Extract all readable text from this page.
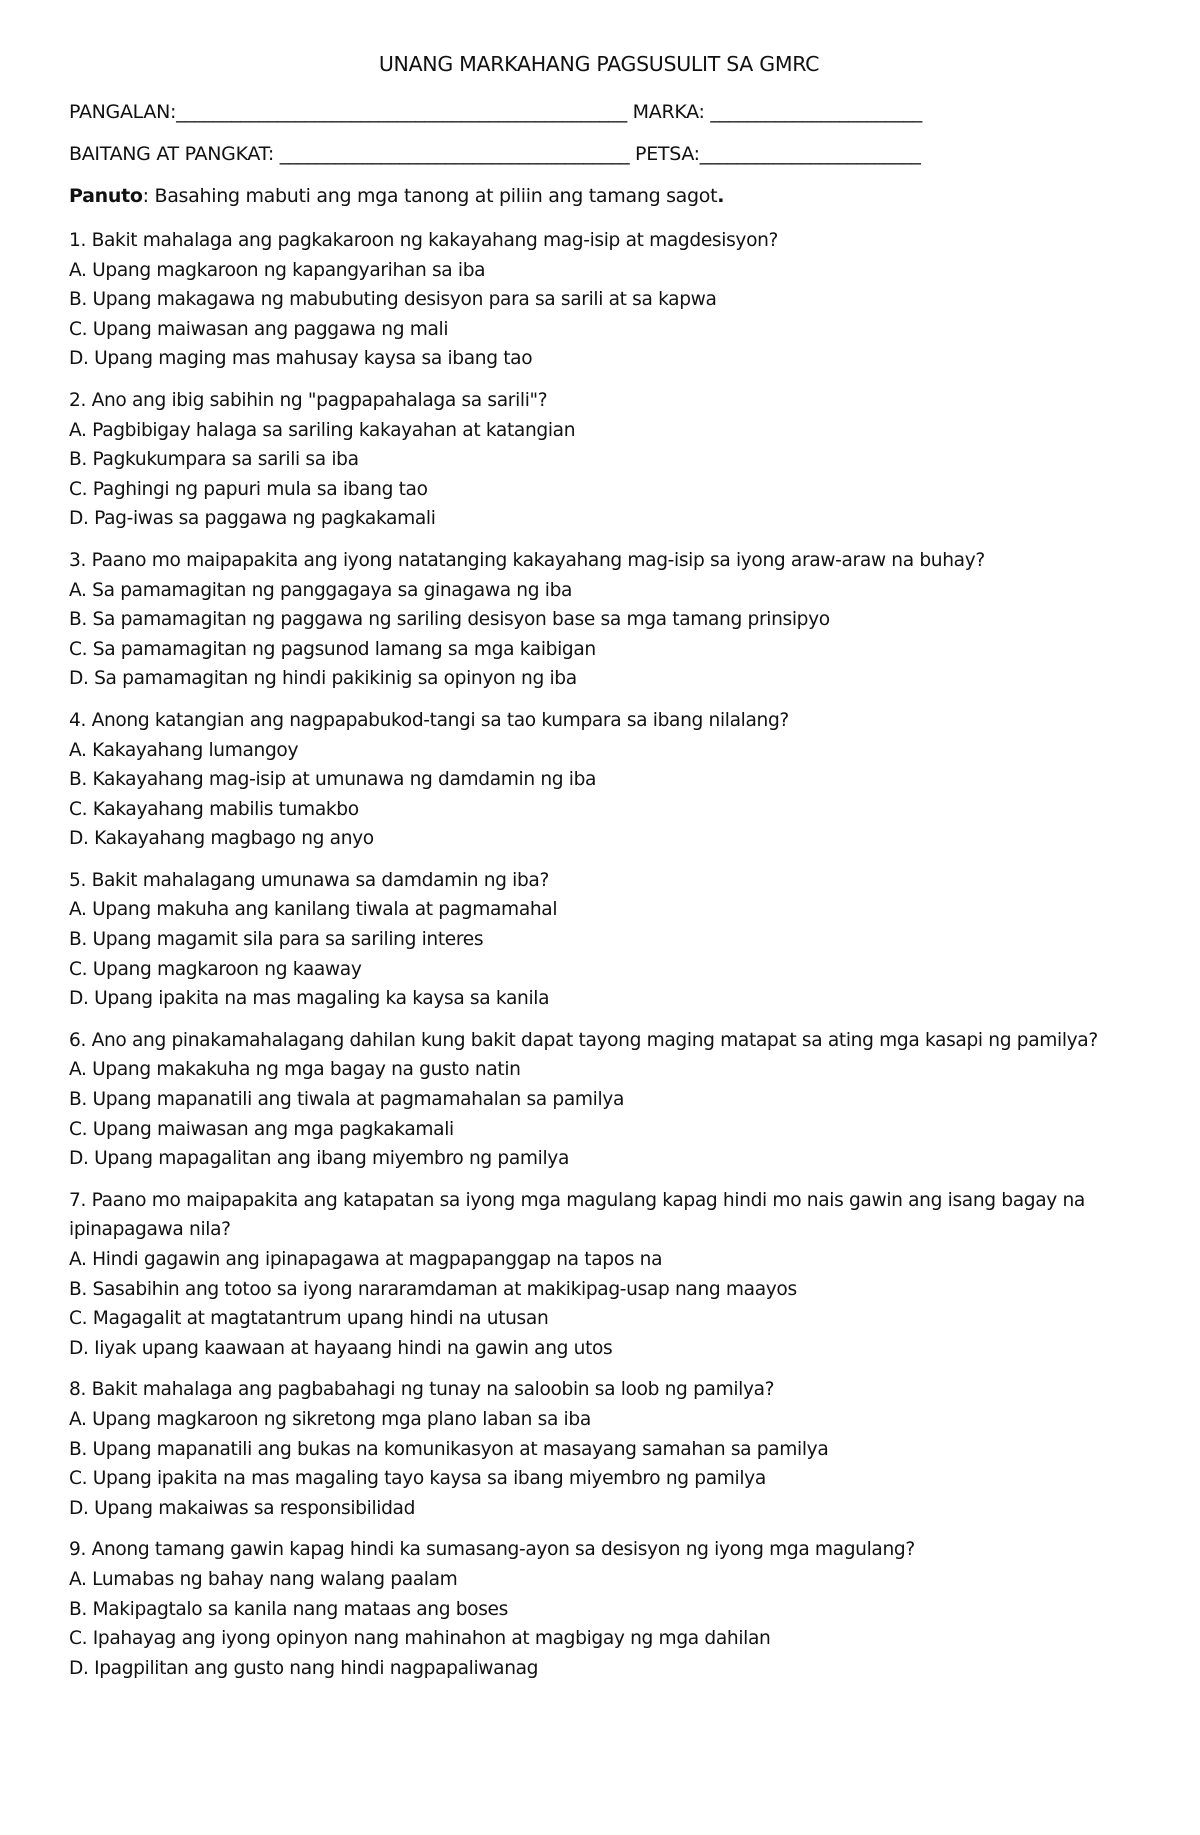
UNANG MARKAHANG PAGSUSULIT SA GMRC
PANGALAN:_________________________________________________ MARKA: _______________________
BAITANG AT PANGKAT: ______________________________________ PETSA:________________________
Panuto: Basahing mabuti ang mga tanong at piliin ang tamang sagot.

1. Bakit mahalaga ang pagkakaroon ng kakayahang mag-isip at magdesisyon?

A. Upang magkaroon ng kapangyarihan sa iba

B. Upang makagawa ng mabubuting desisyon para sa sarili at sa kapwa

C. Upang maiwasan ang paggawa ng mali

D. Upang maging mas mahusay kaysa sa ibang tao

2. Ano ang ibig sabihin ng "pagpapahalaga sa sarili"?

A. Pagbibigay halaga sa sariling kakayahan at katangian

B. Pagkukumpara sa sarili sa iba

C. Paghingi ng papuri mula sa ibang tao

D. Pag-iwas sa paggawa ng pagkakamali

3. Paano mo maipapakita ang iyong natatanging kakayahang mag-isip sa iyong araw-araw na buhay?

A. Sa pamamagitan ng panggagaya sa ginagawa ng iba

B. Sa pamamagitan ng paggawa ng sariling desisyon base sa mga tamang prinsipyo

C. Sa pamamagitan ng pagsunod lamang sa mga kaibigan

D. Sa pamamagitan ng hindi pakikinig sa opinyon ng iba

4. Anong katangian ang nagpapabukod-tangi sa tao kumpara sa ibang nilalang?

A. Kakayahang lumangoy

B. Kakayahang mag-isip at umunawa ng damdamin ng iba

C. Kakayahang mabilis tumakbo

D. Kakayahang magbago ng anyo

5. Bakit mahalagang umunawa sa damdamin ng iba?

A. Upang makuha ang kanilang tiwala at pagmamahal

B. Upang magamit sila para sa sariling interes

C. Upang magkaroon ng kaaway

D. Upang ipakita na mas magaling ka kaysa sa kanila

6. Ano ang pinakamahalagang dahilan kung bakit dapat tayong maging matapat sa ating mga kasapi ng pamilya?

A. Upang makakuha ng mga bagay na gusto natin

B. Upang mapanatili ang tiwala at pagmamahalan sa pamilya

C. Upang maiwasan ang mga pagkakamali

D. Upang mapagalitan ang ibang miyembro ng pamilya

7. Paano mo maipapakita ang katapatan sa iyong mga magulang kapag hindi mo nais gawin ang isang bagay na ipinapagawa nila?

A. Hindi gagawin ang ipinapagawa at magpapanggap na tapos na

B. Sasabihin ang totoo sa iyong nararamdaman at makikipag-usap nang maayos

C. Magagalit at magtatantrum upang hindi na utusan

D. Iiyak upang kaawaan at hayaang hindi na gawin ang utos

8. Bakit mahalaga ang pagbabahagi ng tunay na saloobin sa loob ng pamilya?

A. Upang magkaroon ng sikretong mga plano laban sa iba

B. Upang mapanatili ang bukas na komunikasyon at masayang samahan sa pamilya

C. Upang ipakita na mas magaling tayo kaysa sa ibang miyembro ng pamilya

D. Upang makaiwas sa responsibilidad

9. Anong tamang gawin kapag hindi ka sumasang-ayon sa desisyon ng iyong mga magulang?

A. Lumabas ng bahay nang walang paalam

B. Makipagtalo sa kanila nang mataas ang boses

C. Ipahayag ang iyong opinyon nang mahinahon at magbigay ng mga dahilan

D. Ipagpilitan ang gusto nang hindi nagpapaliwanag
